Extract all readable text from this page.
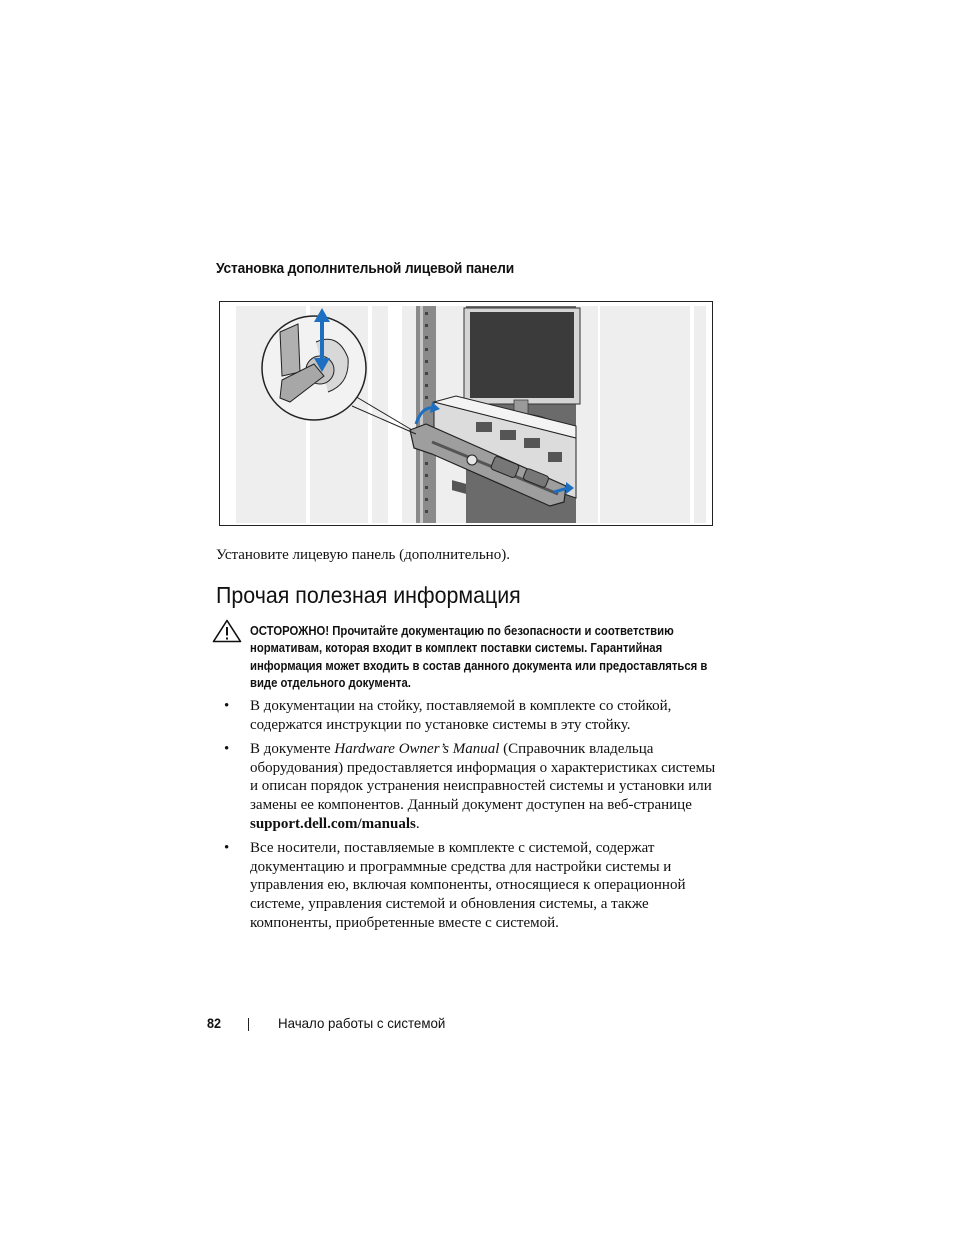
Установка дополнительной лицевой панели
Установите лицевую панель (дополнительно).
Прочая полезная информация
ОСТОРОЖНО! Прочитайте документацию по безопасности и соответствию нормативам, которая входит в комплект поставки системы. Гарантийная информация может входить в состав данного документа или предоставляться в виде отдельного документа.
• В документации на стойку, поставляемой в комплекте со стойкой, содержатся инструкции по установке системы в эту стойку.
• В документе Hardware Owner’s Manual (Справочник владельца оборудования) предоставляется информация о характеристиках системы и описан порядок устранения неисправностей системы и установки или замены ее компонентов. Данный документ доступен на веб-странице support.dell.com/manuals.
• Все носители, поставляемые в комплекте с системой, содержат документацию и программные средства для настройки системы и управления ею, включая компоненты, относящиеся к операционной системе, управления системой и обновления системы, а также компоненты, приобретенные вместе с системой.
82	Начало работы с системой
